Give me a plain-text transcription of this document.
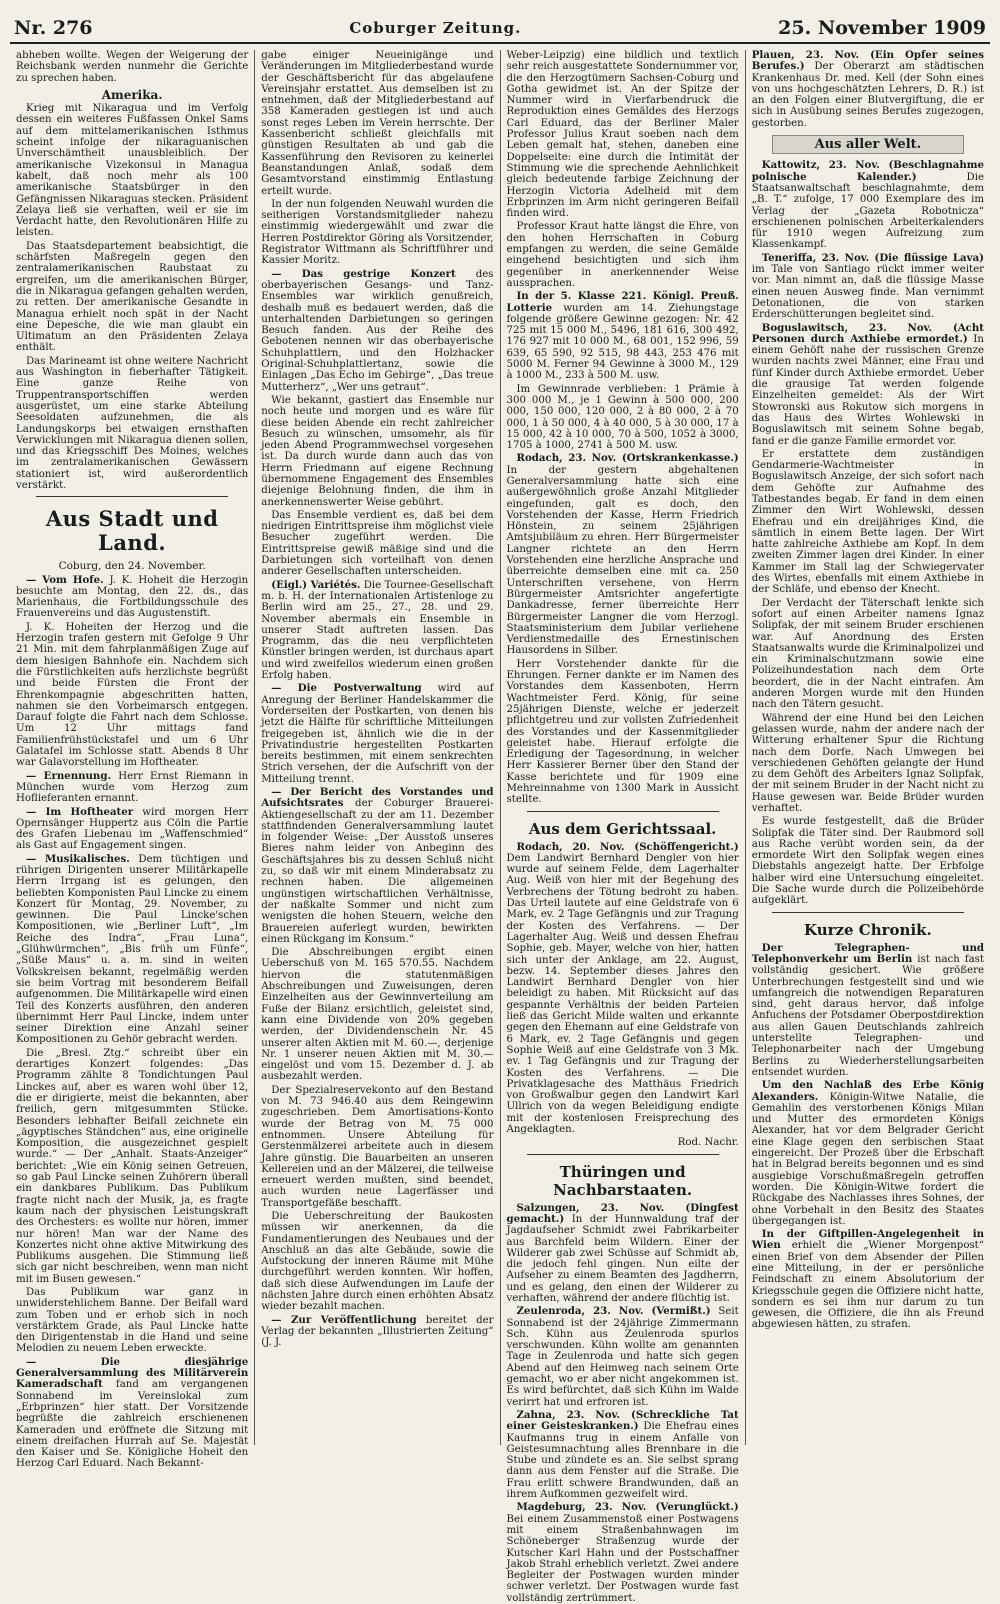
Nr. 276	Coburger Zeitung.	25. November 1909

abheben wollte. Wegen der Weigerung der Reichsbank werden nunmehr die Gerichte zu sprechen haben.

Amerika.

Krieg mit Nikaragua und im Verfolg dessen ein weiteres Fußfassen Onkel Sams auf dem mittelamerikanischen Isthmus scheint infolge der nikaraguanischen Unverschämtheit unausbleiblich. Der amerikanische Vizekonsul in Managua kabelt, daß noch mehr als 100 amerikanische Staatsbürger in den Gefängnissen Nikaraguas stecken. Präsident Zelaya ließ sie verhaften, weil er sie im Verdacht hatte, den Revolutionären Hilfe zu leisten.

Das Staatsdepartement beabsichtigt, die schärfsten Maßregeln gegen den zentralamerikanischen Raubstaat zu ergreifen, um die amerikanischen Bürger, die in Nikaragua gefangen gehalten werden, zu retten. Der amerikanische Gesandte in Managua erhielt noch spät in der Nacht eine Depesche, die wie man glaubt ein Ultimatum an den Präsidenten Zelaya enthält.

Das Marineamt ist ohne weitere Nachricht aus Washington in fieberhafter Tätigkeit. Eine ganze Reihe von Truppentransportschiffen werden ausgerüstet, um eine starke Abteilung Seesoldaten aufzunehmen, die als Landungskorps bei etwaigen ernsthaften Verwicklungen mit Nikaragua dienen sollen, und das Kriegsschiff Des Moines, welches im zentralamerikanischen Gewässern stationiert ist, wird außerordentlich verstärkt.

Aus Stadt und Land.
Coburg, den 24. November.

— Vom Hofe. J. K. Hoheit die Herzogin besuchte am Montag, den 22. ds., das Marienhaus, die Fortbildungsschule des Frauenvereins und das Augustenstift.

J. K. Hoheiten der Herzog und die Herzogin trafen gestern mit Gefolge 9 Uhr 21 Min. mit dem fahrplanmäßigen Zuge auf dem hiesigen Bahnhofe ein. Nachdem sich die Fürstlichkeiten aufs herzlichste begrüßt und beide Fürsten die Front der Ehrenkompagnie abgeschritten hatten, nahmen sie den Vorbeimarsch entgegen. Darauf folgte die Fahrt nach dem Schlosse. Um 12 Uhr mittags fand Familienfrühstückstafel und um 6 Uhr Galatafel im Schlosse statt. Abends 8 Uhr war Galavorstellung im Hoftheater.

— Ernennung. Herr Ernst Riemann in München wurde vom Herzog zum Hoflieferanten ernannt.

— Im Hoftheater wird morgen Herr Opernsänger Huppertz aus Cöln die Partie des Grafen Liebenau im „Waffenschmied“ als Gast auf Engagement singen.

— Musikalisches. Dem tüchtigen und rührigen Dirigenten unserer Militärkapelle Herrn Irrgang ist es gelungen, den beliebten Komponisten Paul Lincke zu einem Konzert für Montag, 29. November, zu gewinnen. Die Paul Lincke'schen Kompositionen, wie „Berliner Luft“, „Im Reiche des Indra“, „Frau Luna“, „Glühwürmchen“, „Bis früh um Fünfe“, „Süße Maus“ u. a. m. sind in weiten Volkskreisen bekannt, regelmäßig werden sie beim Vortrag mit besonderem Beifall aufgenommen. Die Militärkapelle wird einen Teil des Konzerts ausführen, den anderen übernimmt Herr Paul Lincke, indem unter seiner Direktion eine Anzahl seiner Kompositionen zu Gehör gebracht werden.

Die „Bresl. Ztg.“ schreibt über ein derartiges Konzert folgendes: „Das Programm zählte 8 Tondichtungen Paul Linckes auf, aber es waren wohl über 12, die er dirigierte, meist die bekannten, aber freilich, gern mitgesummten Stücke. Besonders lebhafter Beifall zeichnete ein „ägyptisches Ständchen“ aus, eine originelle Komposition, die ausgezeichnet gespielt wurde.“ — Der „Anhalt. Staats-Anzeiger“ berichtet: „Wie ein König seinen Getreuen, so gab Paul Lincke seinen Zuhörern überall ein dankbares Publikum. Das Publikum fragte nicht nach der Musik, ja, es fragte kaum nach der physischen Leistungskraft des Orchesters: es wollte nur hören, immer nur hören! Man war der Name des Konzertes nicht ohne aktive Mitwirkung des Publikums ausgehen. Die Stimmung ließ sich gar nicht beschreiben, wenn man nicht mit im Busen gewesen.“

Das Publikum war ganz in unwiderstehlichem Banne. Der Beifall ward zum Toben und er erhob sich in noch verstärktem Grade, als Paul Lincke hatte den Dirigentenstab in die Hand und seine Melodien zu neuem Leben erweckte.

— Die diesjährige Generalversammlung des Militärverein Kameradschaft fand am vergangenen Sonnabend im Vereinslokal zum „Erbprinzen“ hier statt. Der Vorsitzende begrüßte die zahlreich erschienenen Kameraden und eröffnete die Sitzung mit einem dreifachen Hurrah auf Se. Majestät den Kaiser und Se. Königliche Hoheit den Herzog Carl Eduard. Nach Bekannt-

gabe einiger Neueinigänge und Veränderungen im Mitgliederbestand wurde der Geschäftsbericht für das abgelaufene Vereinsjahr erstattet. Aus demselben ist zu entnehmen, daß der Mitgliederbestand auf 358 Kameraden gestiegen ist und auch sonst reges Leben im Verein herrschte. Der Kassenbericht schließt gleichfalls mit günstigen Resultaten ab und gab die Kassenführung den Revisoren zu keinerlei Beanstandungen Anlaß, sodaß dem Gesamtvorstand einstimmig Entlastung erteilt wurde.

In der nun folgenden Neuwahl wurden die seitherigen Vorstandsmitglieder nahezu einstimmig wiedergewählt und zwar die Herren Postdirektor Göring als Vorsitzender, Registrator Wittmann als Schriftführer und Kassier Moritz.

— Das gestrige Konzert des oberbayerischen Gesangs- und Tanz-Ensembles war wirklich genußreich, deshalb muß es bedauert werden, daß die unterhaltenden Darbietungen so geringen Besuch fanden. Aus der Reihe des Gebotenen nennen wir das oberbayerische Schuhplattlern, und den Holzhacker Original-Schuhplattlertanz, sowie die Einlagen „Das Echo im Gebirge“, „Das treue Mutterherz“, „Wer uns getraut“.

Wie bekannt, gastiert das Ensemble nur noch heute und morgen und es wäre für diese beiden Abende ein recht zahlreicher Besuch zu wünschen, umsomehr, als für jeden Abend Programmwechsel vorgesehen ist. Da durch wurde dann auch das von Herrn Friedmann auf eigene Rechnung übernommene Engagement des Ensembles diejenige Belohnung finden, die ihm in anerkennenswerter Weise gebührt.

Das Ensemble verdient es, daß bei dem niedrigen Eintrittspreise ihm möglichst viele Besucher zugeführt werden. Die Eintrittspreise gewiß mäßige sind und die Darbietungen sich vorteilhaft von denen anderer Gesellschaften unterscheiden.

(Eigl.) Variétés. Die Tournee-Gesellschaft m. b. H. der Internationalen Artistenloge zu Berlin wird am 25., 27., 28. und 29. November abermals ein Ensemble in unserer Stadt auftreten lassen. Das Programm, das die neu verpflichteten Künstler bringen werden, ist durchaus apart und wird zweifellos wiederum einen großen Erfolg haben.

— Die Postverwaltung wird auf Anregung der Berliner Handelskammer die Vorderseiten der Postkarten, von denen bis jetzt die Hälfte für schriftliche Mitteilungen freigegeben ist, ähnlich wie die in der Privatindustrie hergestellten Postkarten bereits bestimmen, mit einem senkrechten Strich versehen, der die Aufschrift von der Mitteilung trennt.

— Der Bericht des Vorstandes und Aufsichtsrates der Coburger Brauerei-Aktiengesellschaft zu der am 11. Dezember stattfindenden Generalversammlung lautet in folgender Weise: „Der Ausstoß unseres Bieres nahm leider von Anbeginn des Geschäftsjahres bis zu dessen Schluß nicht zu, so daß wir mit einem Minderabsatz zu rechnen haben. Die allgemeinen ungünstigen wirtschaftlichen Verhältnisse, der naßkalte Sommer und nicht zum wenigsten die hohen Steuern, welche den Brauereien auferlegt wurden, bewirkten einen Rückgang im Konsum.“

Die Abschreibungen ergibt einen Ueberschuß von M. 165 570.55. Nachdem hiervon die statutenmäßigen Abschreibungen und Zuweisungen, deren Einzelheiten aus der Gewinnverteilung am Fuße der Bilanz ersichtlich, geleistet sind, kann eine Dividende von 20% gegeben werden, der Dividendenschein Nr. 45 unserer alten Aktien mit M. 60.—, derjenige Nr. 1 unserer neuen Aktien mit M. 30.— eingelöst und vom 15. Dezember d. J. ab ausbezahlt werden.

Der Spezialreservekonto auf den Bestand von M. 73 946.40 aus dem Reingewinn zugeschrieben. Dem Amortisations-Konto wurde der Betrag von M. 75 000 entnommen. Unsere Abteilung für Gerstenmälzerei arbeitete auch in diesem Jahre günstig. Die Bauarbeiten an unseren Kellereien und an der Mälzerei, die teilweise erneuert werden mußten, sind beendet, auch wurden neue Lagerfässer und Transportgefäße beschafft.

Die Ueberschreitung der Baukosten müssen wir anerkennen, da die Fundamentierungen des Neubaues und der Anschluß an das alte Gebäude, sowie die Aufstockung der inneren Räume mit Mühe durchgeführt werden konnten. Wir hoffen, daß sich diese Aufwendungen im Laufe der nächsten Jahre durch einen erhöhten Absatz wieder bezahlt machen.

— Zur Veröffentlichung bereitet der Verlag der bekannten „Illustrierten Zeitung“ (J. J.

Weber-Leipzig) eine bildlich und textlich sehr reich ausgestattete Sondernummer vor, die den Herzogtümern Sachsen-Coburg und Gotha gewidmet ist. An der Spitze der Nummer wird in Vierfarbendruck die Reproduktion eines Gemäldes des Herzogs Carl Eduard, das der Berliner Maler Professor Julius Kraut soeben nach dem Leben gemalt hat, stehen, daneben eine Doppelseite: eine durch die Intimität der Stimmung wie die sprechende Aehnlichkeit gleich bedeutende farbige Zeichnung der Herzogin Victoria Adelheid mit dem Erbprinzen im Arm nicht geringeren Beifall finden wird.

Professor Kraut hatte längst die Ehre, von den hohen Herrschaften in Coburg empfangen zu werden, die seine Gemälde eingehend besichtigten und sich ihm gegenüber in anerkennender Weise aussprachen.

In der 5. Klasse 221. Königl. Preuß. Lotterie wurden am 14. Ziehungstage folgende größere Gewinne gezogen: Nr. 42 725 mit 15 000 M., 5496, 181 616, 300 492, 176 927 mit 10 000 M., 68 001, 152 996, 59 639, 65 590, 92 515, 98 443, 253 476 mit 5000 M. Ferner 94 Gewinne à 3000 M., 129 à 1000 M., 233 à 500 M. usw.

Im Gewinnrade verblieben: 1 Prämie à 300 000 M., je 1 Gewinn à 500 000, 200 000, 150 000, 120 000, 2 à 80 000, 2 à 70 000, 1 à 50 000, 4 à 40 000, 5 à 30 000, 17 à 15 000, 42 à 10 000, 70 à 500, 1052 à 3000, 1705 à 1000, 2741 à 500 M. usw.

Rodach, 23. Nov. (Ortskrankenkasse.) In der gestern abgehaltenen Generalversammlung hatte sich eine außergewöhnlich große Anzahl Mitglieder eingefunden, galt es doch, den Vorstehenden der Kasse, Herrn Friedrich Hönstein, zu seinem 25jährigen Amtsjubiläum zu ehren. Herr Bürgermeister Langner richtete an den Herrn Vorstehenden eine herzliche Ansprache und überreichte demselben eine mit ca. 250 Unterschriften versehene, von Herrn Bürgermeister Amtsrichter angefertigte Dankadresse, ferner überreichte Herr Bürgermeister Langner die vom Herzogl. Staatsministerium dem Jubilar verliehene Verdienstmedaille des Ernestinischen Hausordens in Silber.

Herr Vorstehender dankte für die Ehrungen. Ferner dankte er im Namen des Vorstandes dem Kassenboten, Herrn Wachtmeister Ferd. König, für seine 25jährigen Dienste, welche er jederzeit pflichtgetreu und zur vollsten Zufriedenheit des Vorstandes und der Kassenmitglieder geleistet habe. Hierauf erfolgte die Erledigung der Tagesordnung, in welcher Herr Kassierer Berner über den Stand der Kasse berichtete und für 1909 eine Mehreinnahme von 1300 Mark in Aussicht stellte.

Aus dem Gerichtssaal.

Rodach, 20. Nov. (Schöffengericht.) Dem Landwirt Bernhard Dengler von hier wurde auf seinem Felde, dem Lagerhalter Aug. Weiß von hier mit der Begehung des Verbrechens der Tötung bedroht zu haben. Das Urteil lautete auf eine Geldstrafe von 6 Mark, ev. 2 Tage Gefängnis und zur Tragung der Kosten des Verfahrens. — Der Lagerhalter Aug. Weiß und dessen Ehefrau Sophie, geb. Mayer, welche von hier, hatten sich unter der Anklage, am 22. August, bezw. 14. September dieses Jahres den Landwirt Bernhard Dengler von hier beleidigt zu haben. Mit Rücksicht auf das gespannte Verhältnis der beiden Parteien ließ das Gericht Milde walten und erkannte gegen den Ehemann auf eine Geldstrafe von 6 Mark, ev. 2 Tage Gefängnis und gegen Sophie Weiß auf eine Geldstrafe von 3 Mk. ev. 1 Tag Gefängnis und zur Tragung der Kosten des Verfahrens. — Die Privatklagesache des Matthäus Friedrich von Großwalbur gegen den Landwirt Karl Ullrich von da wegen Beleidigung endigte mit der kostenlosen Freisprechung des Angeklagten.

Rod. Nachr.

Thüringen und Nachbarstaaten.

Salzungen, 23. Nov. (Dingfest gemacht.) In der Hunnwaldung traf der Jagdaufseher Schmidt zwei Fabrikarbeiter aus Barchfeld beim Wildern. Einer der Wilderer gab zwei Schüsse auf Schmidt ab, die jedoch fehl gingen. Nun eilte der Aufseher zu einem Beamten des Jagdherrn, und es gelang, den einen der Wilderer zu verhaften, während der andere flüchtig ist.

Zeulenroda, 23. Nov. (Vermißt.) Seit Sonnabend ist der 24jährige Zimmermann Sch. Kühn aus Zeulenroda spurlos verschwunden. Kühn wollte am genannten Tage in Zeulenroda und hatte sich gegen Abend auf den Heimweg nach seinem Orte gemacht, wo er aber nicht angekommen ist. Es wird befürchtet, daß sich Kühn im Walde verirrt hat und erfroren ist.

Zahna, 23. Nov. (Schreckliche Tat einer Geisteskranken.) Die Ehefrau eines Kaufmanns trug in einem Anfalle von Geistesumnachtung alles Brennbare in die Stube und zündete es an. Sie selbst sprang dann aus dem Fenster auf die Straße. Die Frau erlitt schwere Brandwunden, daß an ihrem Aufkommen gezweifelt wird.

Magdeburg, 23. Nov. (Verunglückt.) Bei einem Zusammenstoß einer Postwagens mit einem Straßenbahnwagen im Schöneberger Straßenzug wurde der Kutscher Karl Hahn und der Postschaffner Jakob Strahl erheblich verletzt. Zwei andere Begleiter der Postwagen wurden minder schwer verletzt. Der Postwagen wurde fast vollständig zertrümmert.

Plauen, 23. Nov. (Ein Opfer seines Berufes.) Der Oberarzt am städtischen Krankenhaus Dr. med. Kell (der Sohn eines von uns hochgeschätzten Lehrers, D. R.) ist an den Folgen einer Blutvergiftung, die er sich in Ausübung seines Berufes zugezogen, gestorben.

Aus aller Welt.

Kattowitz, 23. Nov. (Beschlagnahme polnische Kalender.)	Die Staatsanwaltschaft beschlagnahmte, dem „B. T.“ zufolge, 17 000 Exemplare des im Verlag der „Gazeta Robotnicza“ erschienenen polnischen Arbeiterkalenders für 1910 wegen Aufreizung zum Klassenkampf.

Teneriffa, 23. Nov. (Die flüssige Lava) im Tale von Santiago rückt immer weiter vor. Man nimmt an, daß die flüssige Masse einen neuen Ausweg finde. Man vernimmt Detonationen, die von starken Erderschütterungen begleitet sind.

Boguslawitsch, 23. Nov. (Acht Personen durch Axthiebe ermordet.) In einem Gehöft nahe der russischen Grenze wurden nachts zwei Männer, eine Frau und fünf Kinder durch Axthiebe ermordet. Ueber die grausige Tat werden folgende Einzelheiten gemeldet: Als der Wirt Stowronski aus Rokutow sich morgens in das Haus des Wirtes Wohlewski in Boguslawitsch mit seinem Sohne begab, fand er die ganze Familie ermordet vor.

Er erstattete dem zuständigen Gendarmerie-Wachtmeister in Boguslawitsch Anzeige, der sich sofort nach dem Gehöfte zur Aufnahme des Tatbestandes begab. Er fand in dem einen Zimmer den Wirt Wohlewski, dessen Ehefrau und ein dreijähriges Kind, die sämtlich in einem Bette lagen. Der Wirt hatte zahlreiche Axthiebe am Kopf. In dem zweiten Zimmer lagen drei Kinder. In einer Kammer im Stall lag der Schwiegervater des Wirtes, ebenfalls mit einem Axthiebe in der Schläfe, und ebenso der Knecht.

Der Verdacht der Täterschaft lenkte sich sofort auf einen Arbeiter namens Ignaz Solipfak, der mit seinem Bruder erschienen war. Auf Anordnung des Ersten Staatsanwalts wurde die Kriminalpolizei und ein Kriminalschutzmann sowie eine Polizeihundestation nach dem Orte beordert, die in der Nacht eintrafen. Am anderen Morgen wurde mit den Hunden nach den Tätern gesucht.

Während der eine Hund bei den Leichen gelassen wurde, nahm der andere nach der Witterung erhaltener Spur die Richtung nach dem Dorfe. Nach Umwegen bei verschiedenen Gehöften gelangte der Hund zu dem Gehöft des Arbeiters Ignaz Solipfak, der mit seinem Bruder in der Nacht nicht zu Hause gewesen war. Beide Brüder wurden verhaftet.

Es wurde festgestellt, daß die Brüder Solipfak die Täter sind. Der Raubmord soll aus Rache verübt worden sein, da der ermordete Wirt den Solipfak wegen eines Diebstahls angezeigt hatte. Der Erbfolge halber wird eine Untersuchung eingeleitet. Die Sache wurde durch die Polizeibehörde aufgeklärt.

Kurze Chronik.

Der Telegraphen- und Telephonverkehr um Berlin ist nach fast vollständig gesichert. Wie größere Unterbrechungen festgestellt sind und wie umfangreich die notwendigen Reparaturen sind, geht daraus hervor, daß infolge Anfuchens der Potsdamer Oberpostdirektion aus allen Gauen Deutschlands zahlreich unterstellte Telegraphen- und Telephonarbeiter nach der Umgebung Berlins zu Wiederherstellungsarbeiten entsendet wurden.

Um den Nachlaß des Erbe König Alexanders. Königin-Witwe Natalie, die Gemahlin des verstorbenen Königs Milan und Mutter des ermordeten Königs Alexander, hat vor dem Belgrader Gericht eine Klage gegen den serbischen Staat eingereicht. Der Prozeß über die Erbschaft hat in Belgrad bereits begonnen und es sind ausgiebige Vorschußmaßregeln getroffen worden. Die Königin-Witwe fordert die Rückgabe des Nachlasses ihres Sohnes, der ohne Vorbehalt in den Besitz des Staates übergegangen ist.

In der Giftpillen-Angelegenheit in Wien erhielt die „Wiener Morgenpost“ einen Brief von dem Absender der Pillen eine Mitteilung, in der er persönliche Feindschaft zu einem Absolutorium der Kriegsschule gegen die Offiziere nicht hatte, sondern es sei ihm nur darum zu tun gewesen, die Offiziere, die ihn als Freund abgewiesen hätten, zu strafen.
